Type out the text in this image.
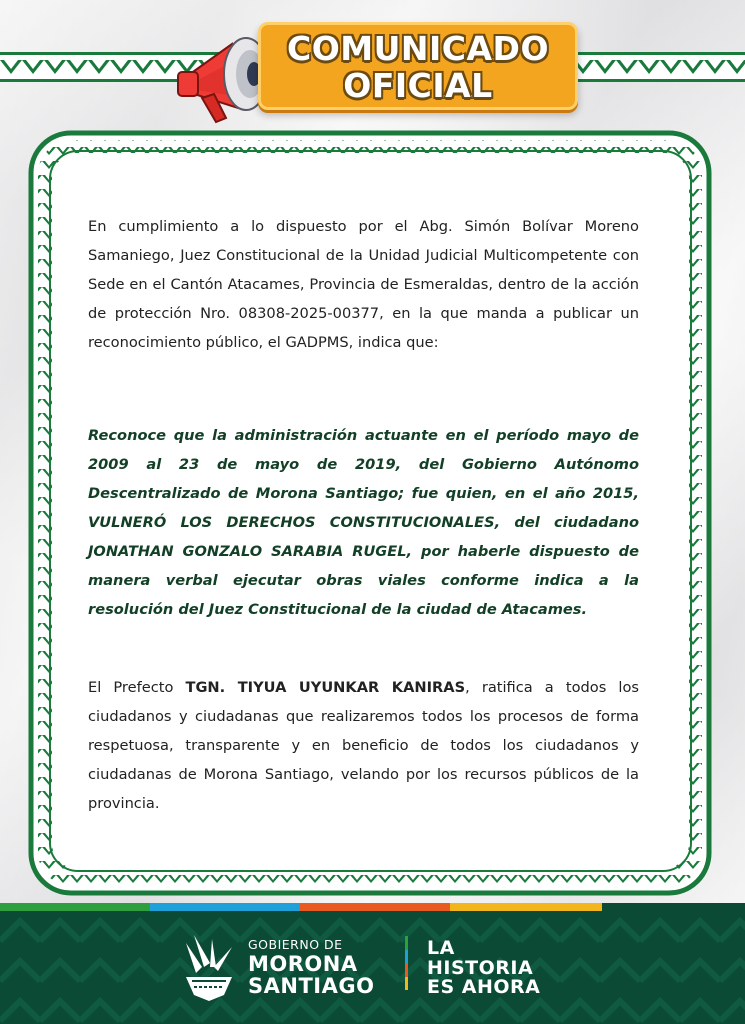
COMUNICADO
OFICIAL
En cumplimiento a lo dispuesto por el Abg. Simón Bolívar Moreno Samaniego, Juez Constitucional de la Unidad Judicial Multicompetente con Sede en el Cantón Atacames, Provincia de Esmeraldas, dentro de la acción de protección Nro. 08308-2025-00377, en la que manda a publicar un reconocimiento público, el GADPMS, indica que:
Reconoce que la administración actuante en el período mayo de 2009 al 23 de mayo de 2019, del Gobierno Autónomo Descentralizado de Morona Santiago; fue quien, en el año 2015, VULNERÓ LOS DERECHOS CONSTITUCIONALES, del ciudadano JONATHAN GONZALO SARABIA RUGEL, por haberle dispuesto de manera verbal ejecutar obras viales conforme indica a la resolución del Juez Constitucional de la ciudad de Atacames.
El Prefecto TGN. TIYUA UYUNKAR KANIRAS, ratifica a todos los ciudadanos y ciudadanas que realizaremos todos los procesos de forma respetuosa, transparente y en beneficio de todos los ciudadanos y ciudadanas de Morona Santiago, velando por los recursos públicos de la provincia.
GOBIERNO DE
MORONA
SANTIAGO
LA
HISTORIA
ES AHORA
